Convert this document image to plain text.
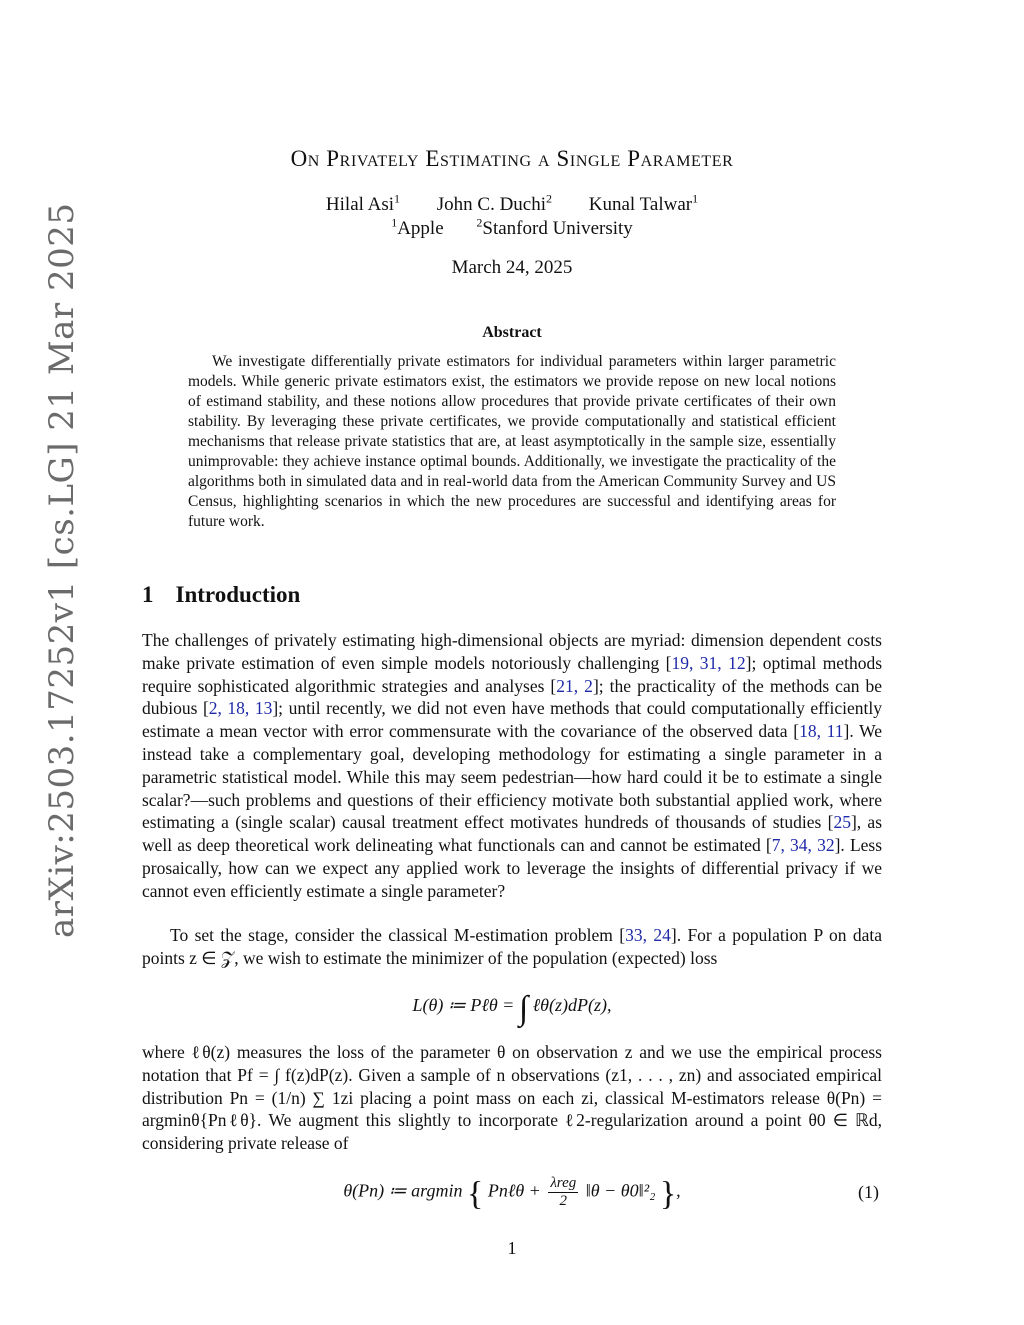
arXiv:2503.17252v1 [cs.LG] 21 Mar 2025
On Privately Estimating a Single Parameter
Hilal Asi$^1$ John C. Duchi$^2$ Kunal Talwar$^1$
$^1$Apple	$^2$Stanford University
March 24, 2025
Abstract

We investigate differentially private estimators for individual parameters within larger parametric models. While generic private estimators exist, the estimators we provide repose on new local notions of estimand stability, and these notions allow procedures that provide private certificates of their own stability. By leveraging these private certificates, we provide computationally and statistical efficient mechanisms that release private statistics that are, at least asymptotically in the sample size, essentially unimprovable: they achieve instance optimal bounds. Additionally, we investigate the practicality of the algorithms both in simulated data and in real-world data from the American Community Survey and US Census, highlighting scenarios in which the new procedures are successful and identifying areas for future work.

1 Introduction

The challenges of privately estimating high-dimensional objects are myriad: dimension dependent costs make private estimation of even simple models notoriously challenging [19, 31, 12]; optimal methods require sophisticated algorithmic strategies and analyses [21, 2]; the practicality of the methods can be dubious [2, 18, 13]; until recently, we did not even have methods that could computationally efficiently estimate a mean vector with error commensurate with the covariance of the observed data [18, 11]. We instead take a complementary goal, developing methodology for estimating a single parameter in a parametric statistical model. While this may seem pedestrian—how hard could it be to estimate a single scalar?—such problems and questions of their efficiency motivate both substantial applied work, where estimating a (single scalar) causal treatment effect motivates hundreds of thousands of studies [25], as well as deep theoretical work delineating what functionals can and cannot be estimated [7, 34, 32]. Less prosaically, how can we expect any applied work to leverage the insights of differential privacy if we cannot even efficiently estimate a single parameter?

To set the stage, consider the classical M-estimation problem [33, 24]. For a population P on data points z ∈ 𝒵, we wish to estimate the minimizer of the population (expected) loss

L(θ) ≔ Pℓθ = ∫ ℓθ(z)dP(z),

where ℓθ(z) measures the loss of the parameter θ on observation z and we use the empirical process notation that Pf = ∫ f(z)dP(z). Given a sample of n observations (z1, . . . , zn) and associated empirical distribution Pn = (1/n) ∑ 1zi placing a point mass on each zi, classical M-estimators release θ(Pn) = argminθ{Pnℓθ}. We augment this slightly to incorporate ℓ2-regularization around a point θ0 ∈ ℝd, considering private release of

θ(Pn) ≔ argmin { Pnℓθ + $\frac{\text{λreg}}{2}$ ‖θ − θ0‖²₂ },	(1)
1
